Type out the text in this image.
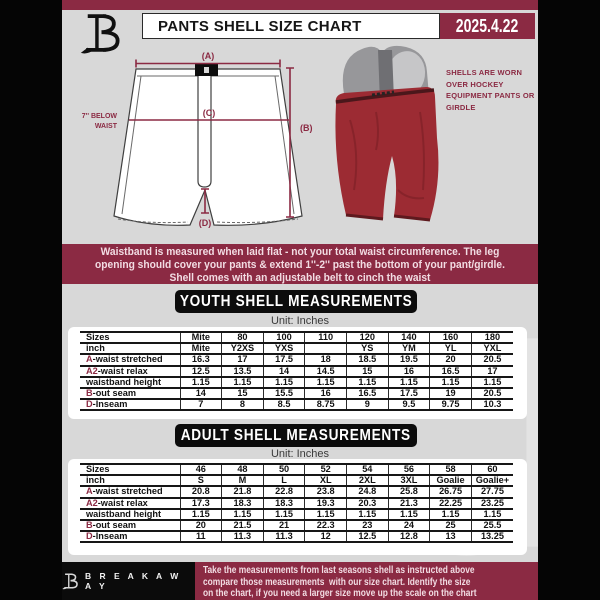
PANTS SHELL SIZE CHART	2025.4.22
(A)
(B)
(C)
(D)
7'' BELOW
WAIST
SHELLS ARE WORN OVER HOCKEY EQUIPMENT PANTS OR GIRDLE
Waistband is measured when laid flat - not your total waist circumference. The leg
opening should cover your pants & extend 1''-2'' past the bottom of your pant/girdle.
Shell comes with an adjustable belt to cinch the waist
YOUTH SHELL MEASUREMENTS
Unit: Inches
Sizes	Mite	80	100	110	120	140	160	180
inch	Mite	Y2XS	YXS		YS	YM	YL	YXL
A-waist stretched	16.3	17	17.5	18	18.5	19.5	20	20.5
A2-waist relax	12.5	13.5	14	14.5	15	16	16.5	17
waistband height	1.15	1.15	1.15	1.15	1.15	1.15	1.15	1.15
B-out seam	14	15	15.5	16	16.5	17.5	19	20.5
D-Inseam	7	8	8.5	8.75	9	9.5	9.75	10.3
ADULT SHELL MEASUREMENTS
Unit: Inches
Sizes	46	48	50	52	54	56	58	60
inch	S	M	L	XL	2XL	3XL	Goalie	Goalie+
A-waist stretched	20.8	21.8	22.8	23.8	24.8	25.8	26.75	27.75
A2-waist relax	17.3	18.3	18.3	19.3	20.3	21.3	22.25	23.25
waistband height	1.15	1.15	1.15	1.15	1.15	1.15	1.15	1.15
B-out seam	20	21.5	21	22.3	23	24	25	25.5
D-Inseam	11	11.3	11.3	12	12.5	12.8	13	13.25
B R E A K A W A Y
Take the measurements from last seasons shell as instructed above
compare those measurements  with our size chart. Identify the size
on the chart, if you need a larger size move up the scale on the chart
